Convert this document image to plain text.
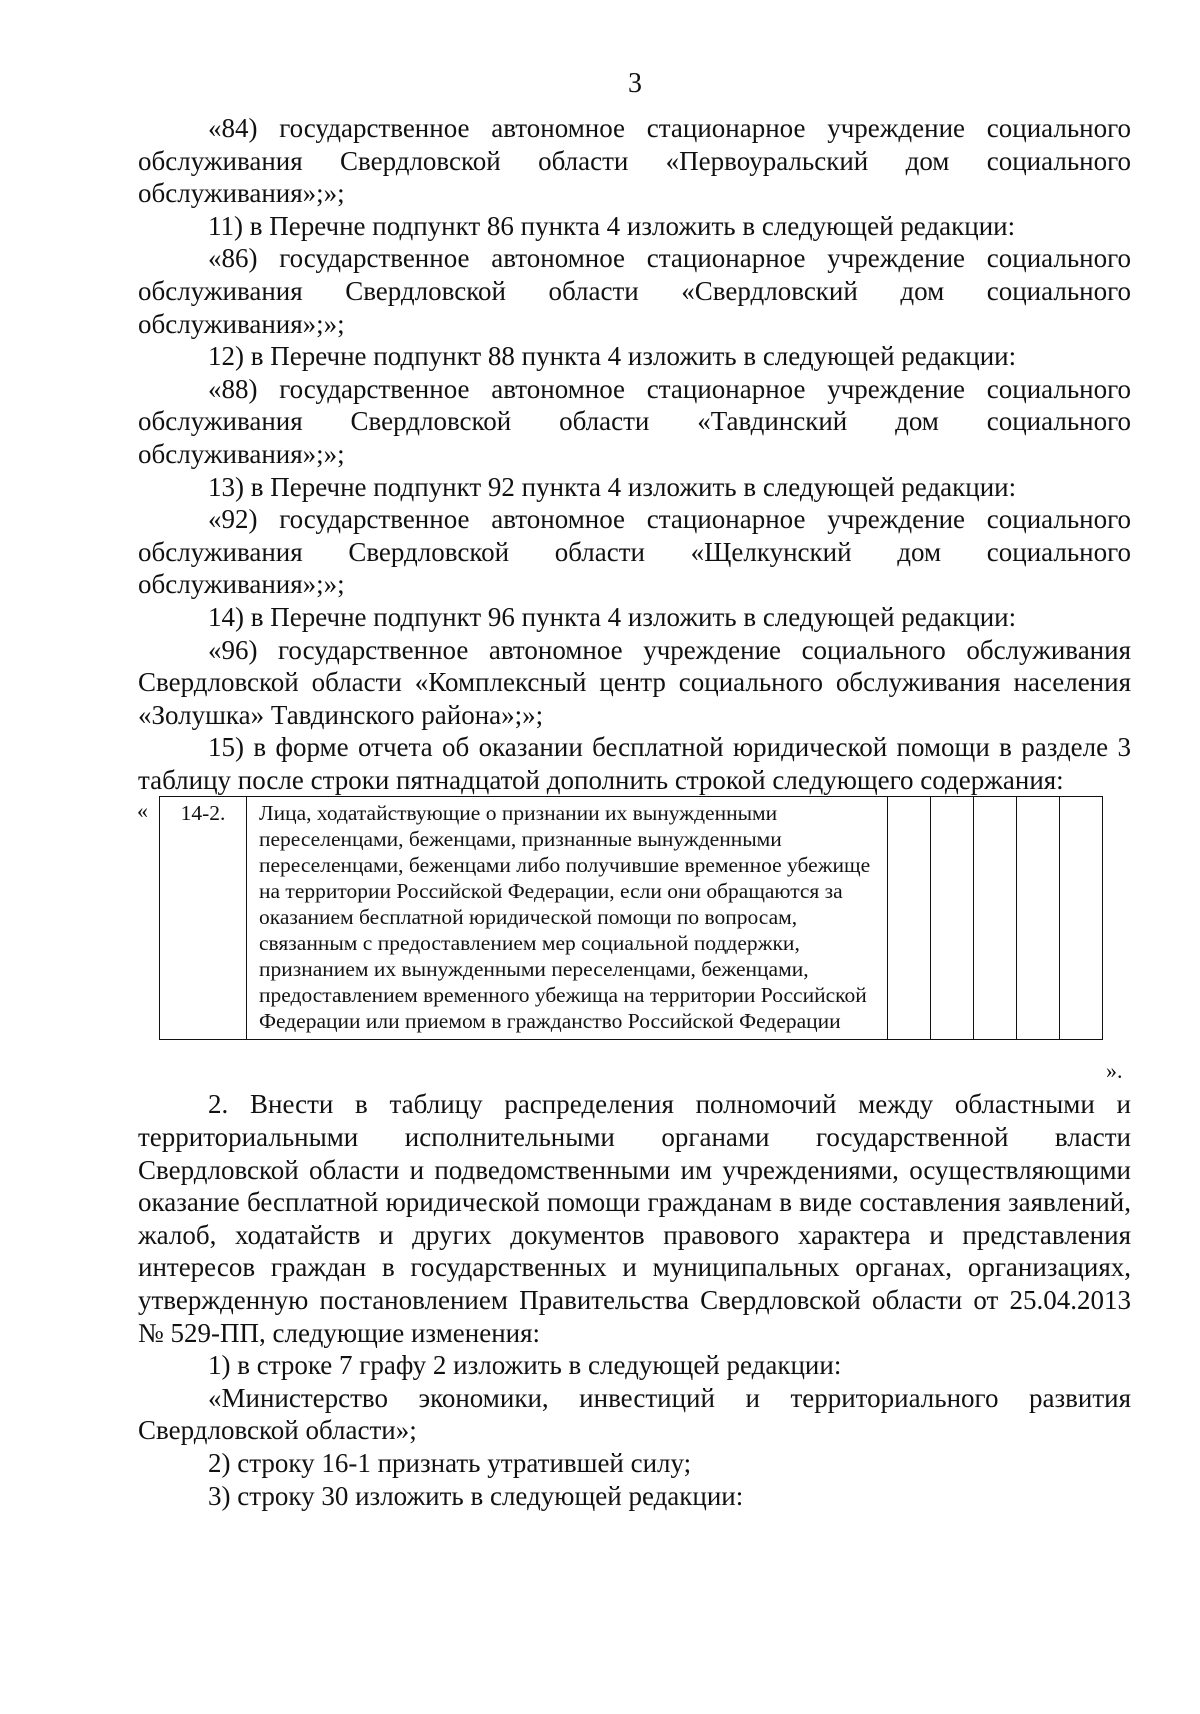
3

«84) государственное автономное стационарное учреждение социального обслуживания Свердловской области «Первоуральский дом социального обслуживания»;»;

11) в Перечне подпункт 86 пункта 4 изложить в следующей редакции:

«86) государственное автономное стационарное учреждение социального обслуживания Свердловской области «Свердловский дом социального обслуживания»;»;

12) в Перечне подпункт 88 пункта 4 изложить в следующей редакции:

«88) государственное автономное стационарное учреждение социального обслуживания Свердловской области «Тавдинский дом социального обслуживания»;»;

13) в Перечне подпункт 92 пункта 4 изложить в следующей редакции:

«92) государственное автономное стационарное учреждение социального обслуживания Свердловской области «Щелкунский дом социального обслуживания»;»;

14) в Перечне подпункт 96 пункта 4 изложить в следующей редакции:

«96) государственное автономное учреждение социального обслуживания Свердловской области «Комплексный центр социального обслуживания населения «Золушка» Тавдинского района»;»;

15) в форме отчета об оказании бесплатной юридической помощи в разделе 3 таблицу после строки пятнадцатой дополнить строкой следующего содержания:

« 14-2.	Лица, ходатайствующие о признании их вынужденными переселенцами, беженцами, признанные вынужденными переселенцами, беженцами либо получившие временное убежище на территории Российской Федерации, если они обращаются за оказанием бесплатной юридической помощи по вопросам, связанным с предоставлением мер социальной поддержки, признанием их вынужденными переселенцами, беженцами, предоставлением временного убежища на территории Российской Федерации или приемом в гражданство Российской Федерации					
».

2. Внести в таблицу распределения полномочий между областными и территориальными исполнительными органами государственной власти Свердловской области и подведомственными им учреждениями, осуществляющими оказание бесплатной юридической помощи гражданам в виде составления заявлений, жалоб, ходатайств и других документов правового характера и представления интересов граждан в государственных и муниципальных органах, организациях, утвержденную постановлением Правительства Свердловской области от 25.04.2013 № 529-ПП, следующие изменения:

1) в строке 7 графу 2 изложить в следующей редакции:

«Министерство экономики, инвестиций и территориального развития Свердловской области»;

2) строку 16-1 признать утратившей силу;

3) строку 30 изложить в следующей редакции:
